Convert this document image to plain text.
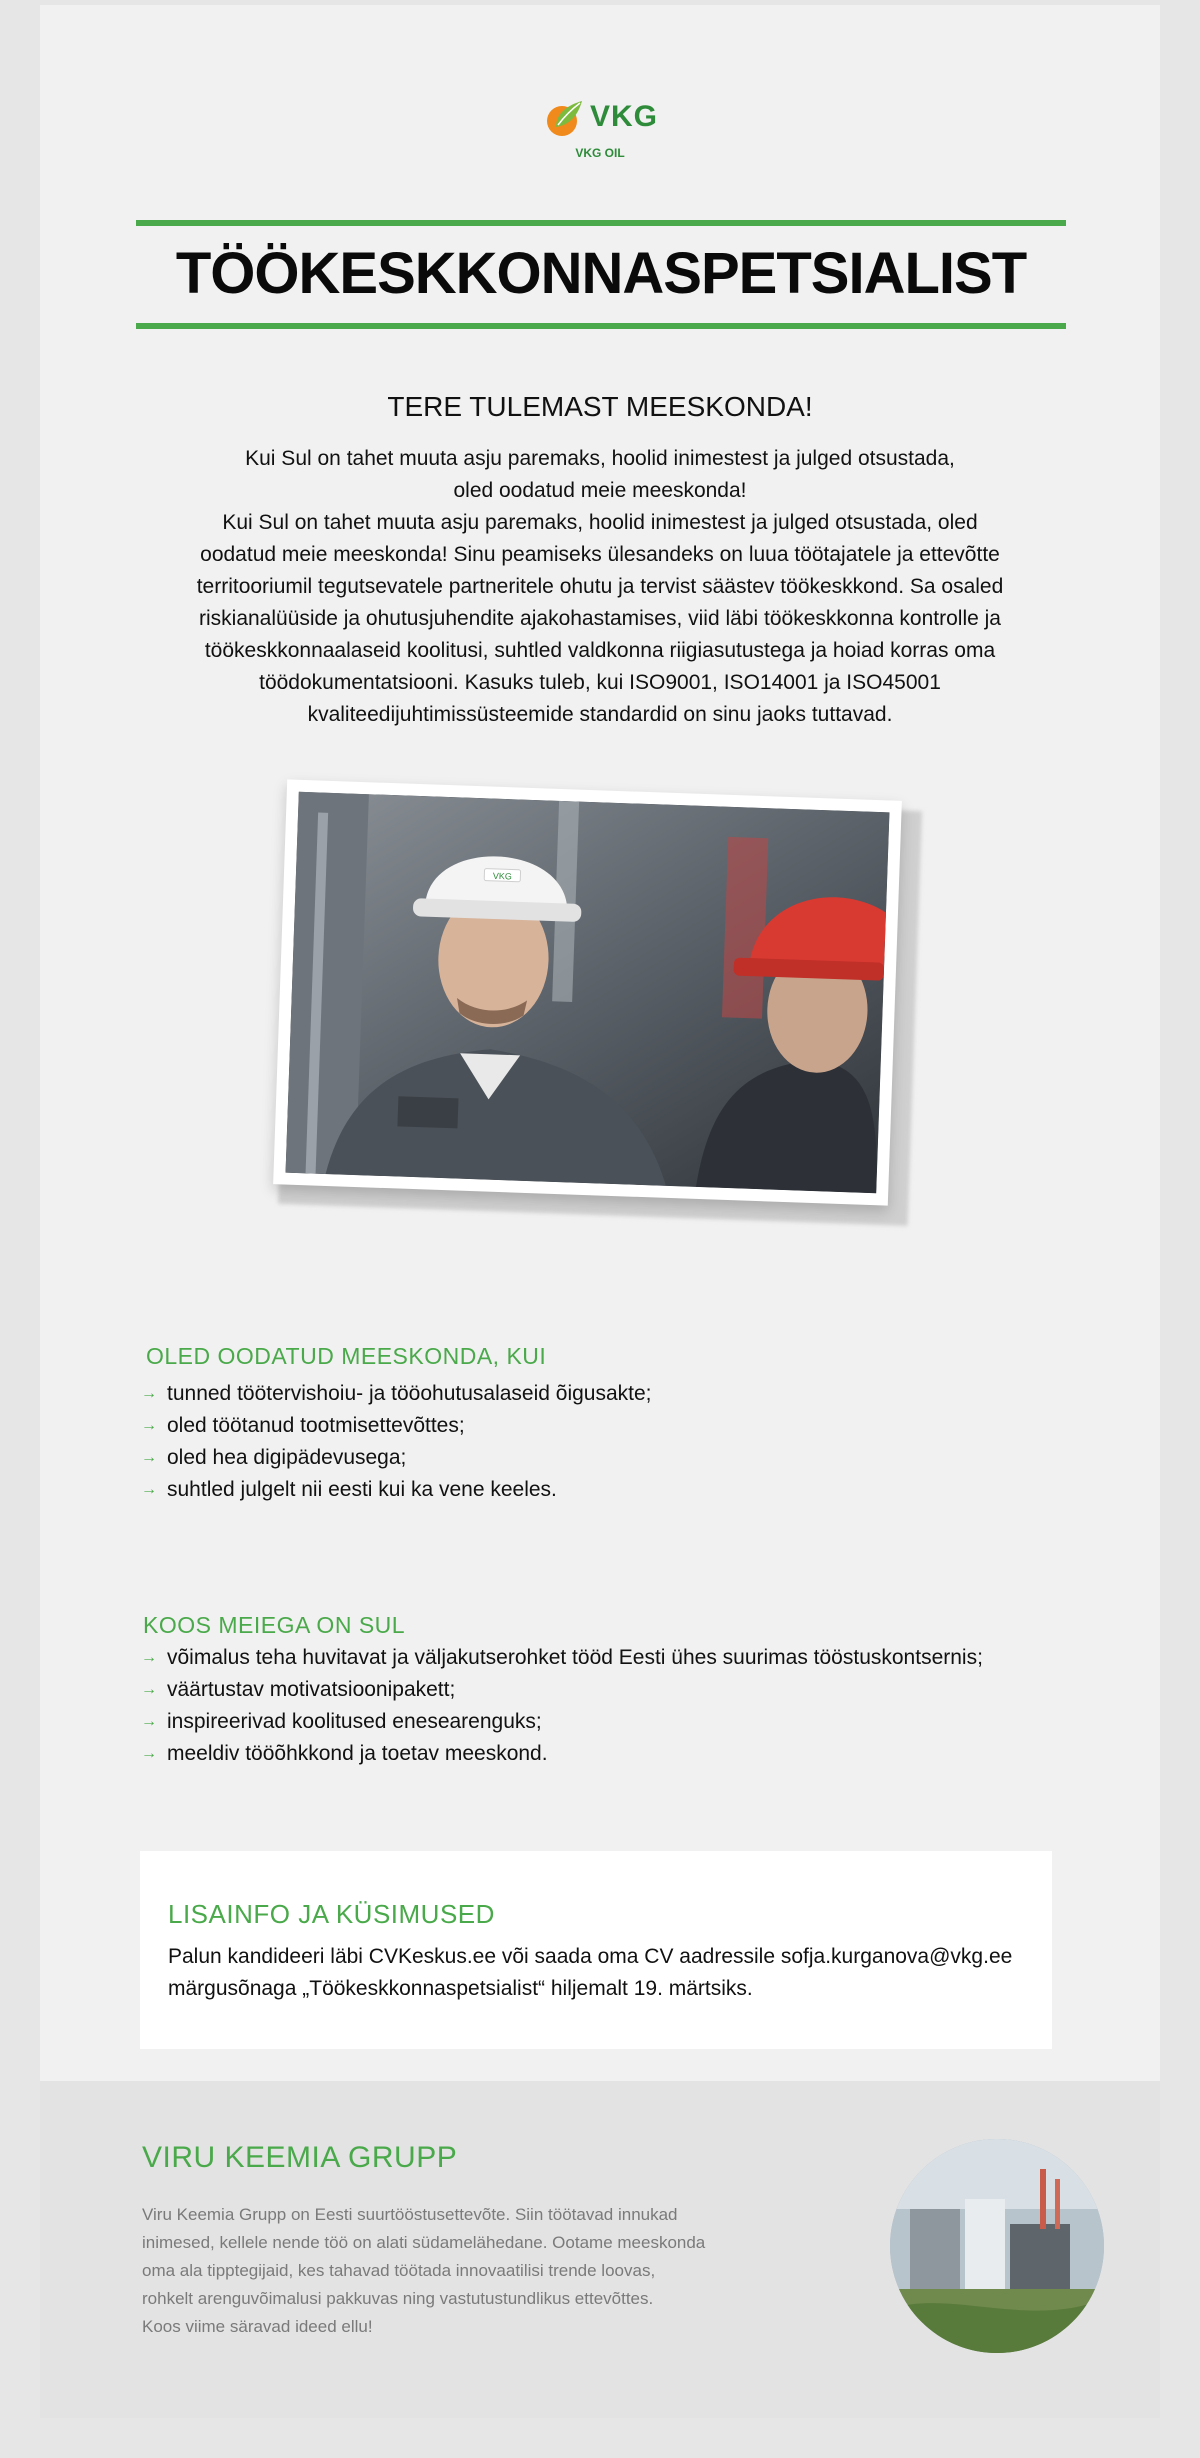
VKG
VKG OIL
TÖÖKESKKONNASPETSIALIST
TERE TULEMAST MEESKONDA!

Kui Sul on tahet muuta asju paremaks, hoolid inimestest ja julged otsustada, oled oodatud meie meeskonda!

Kui Sul on tahet muuta asju paremaks, hoolid inimestest ja julged otsustada, oled oodatud meie meeskonda! Sinu peamiseks ülesandeks on luua töötajatele ja ettevõtte territooriumil tegutsevatele partneritele ohutu ja tervist säästev töökeskkond. Sa osaled riskianalüüside ja ohutusjuhendite ajakohastamises, viid läbi töökeskkonna kontrolle ja töökeskkonnaalaseid koolitusi, suhtled valdkonna riigiasutustega ja hoiad korras oma töödokumentatsiooni. Kasuks tuleb, kui ISO9001, ISO14001 ja ISO45001 kvaliteedijuhtimissüsteemide standardid on sinu jaoks tuttavad.

VKG
OLED OODATUD MEESKONDA, KUI
→ tunned töötervishoiu- ja tööohutusalaseid õigusakte;
→ oled töötanud tootmisettevõttes;
→ oled hea digipädevusega;
→ suhtled julgelt nii eesti kui ka vene keeles.
KOOS MEIEGA ON SUL
→ võimalus teha huvitavat ja väljakutserohket tööd Eesti ühes suurimas tööstuskontsernis;
→ väärtustav motivatsioonipakett;
→ inspireerivad koolitused enesearenguks;
→ meeldiv tööõhkkond ja toetav meeskond.
LISAINFO JA KÜSIMUSED
Palun kandideeri läbi CVKeskus.ee või saada oma CV aadressile sofja.kurganova@vkg.ee märgusõnaga „Töökeskkonnaspetsialist“ hiljemalt 19. märtsiks.
VIRU KEEMIA GRUPP

Viru Keemia Grupp on Eesti suurtööstusettevõte. Siin töötavad innukad

inimesed, kellele nende töö on alati südamelähedane. Ootame meeskonda

oma ala tipptegijaid, kes tahavad töötada innovaatilisi trende loovas,

rohkelt arenguvõimalusi pakkuvas ning vastutustundlikus ettevõttes.

Koos viime säravad ideed ellu!
